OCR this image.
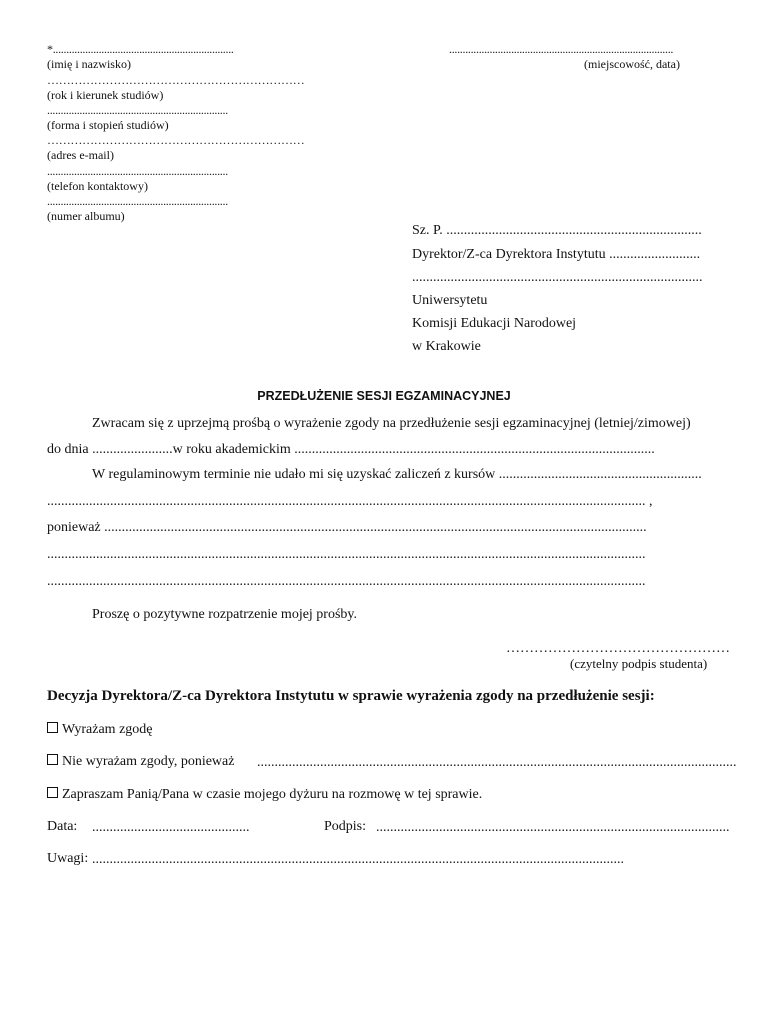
*...................................................................
(imię i nazwisko)
…………………………………………………………
(rok i kierunek studiów)
...................................................................
(forma i stopień studiów)
…………………………………………………………
(adres e-mail)
...................................................................
(telefon kontaktowy)
...................................................................
(numer albumu)
...................................................................................
(miejscowość, data)
Sz. P. .........................................................................
Dyrektor/Z-ca Dyrektora Instytutu ..........................
...................................................................................
Uniwersytetu
Komisji Edukacji Narodowej
w Krakowie
PRZEDŁUŻENIE SESJI EGZAMINACYJNEJ
Zwracam się z uprzejmą prośbą o wyrażenie zgody na przedłużenie sesji egzaminacyjnej (letniej/zimowej)
do dnia .......................w roku akademickim .......................................................................................................
W regulaminowym terminie nie udało mi się uzyskać zaliczeń z kursów ..........................................................
........................................................................................................................................................................... ,
ponieważ ...........................................................................................................................................................
...........................................................................................................................................................................
...........................................................................................................................................................................
Proszę o pozytywne rozpatrzenie mojej prośby.
…………………………………………
(czytelny podpis studenta)
Decyzja Dyrektora/Z-ca Dyrektora Instytutu w sprawie wyrażenia zgody na przedłużenie sesji:
Wyrażam zgodę
Nie wyrażam zgody, ponieważ .........................................................................................................................................
Zapraszam Panią/Pana w czasie mojego dyżuru na rozmowę w tej sprawie.
Data: .............................................	Podpis: .....................................................................................................
Uwagi: ........................................................................................................................................................
